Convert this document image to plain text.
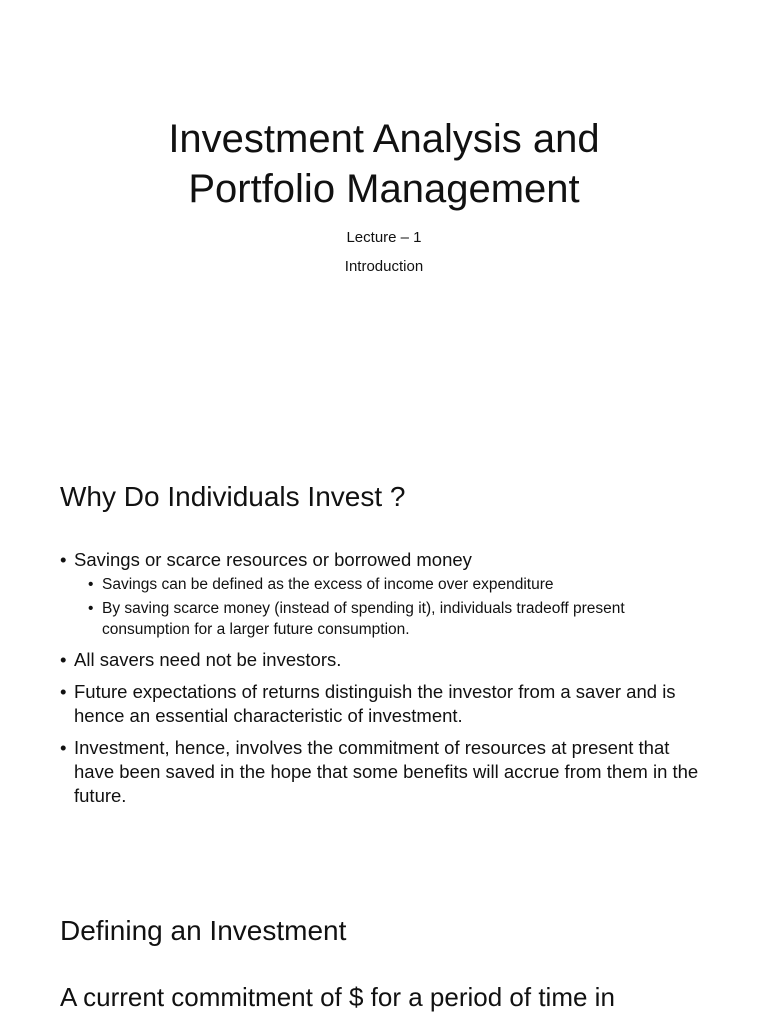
Investment Analysis and
Portfolio Management

Lecture – 1

Introduction

Why Do Individuals Invest ?
• Savings or scarce resources or borrowed money
• Savings can be defined as the excess of income over expenditure
• By saving scarce money (instead of spending it), individuals tradeoff present consumption for a larger future consumption.
• All savers need not be investors.
• Future expectations of returns distinguish the investor from a saver and is hence an essential characteristic of investment.
• Investment, hence, involves the commitment of resources at present that have been saved in the hope that some benefits will accrue from them in the future.
Defining an Investment

A current commitment of $ for a period of time in
